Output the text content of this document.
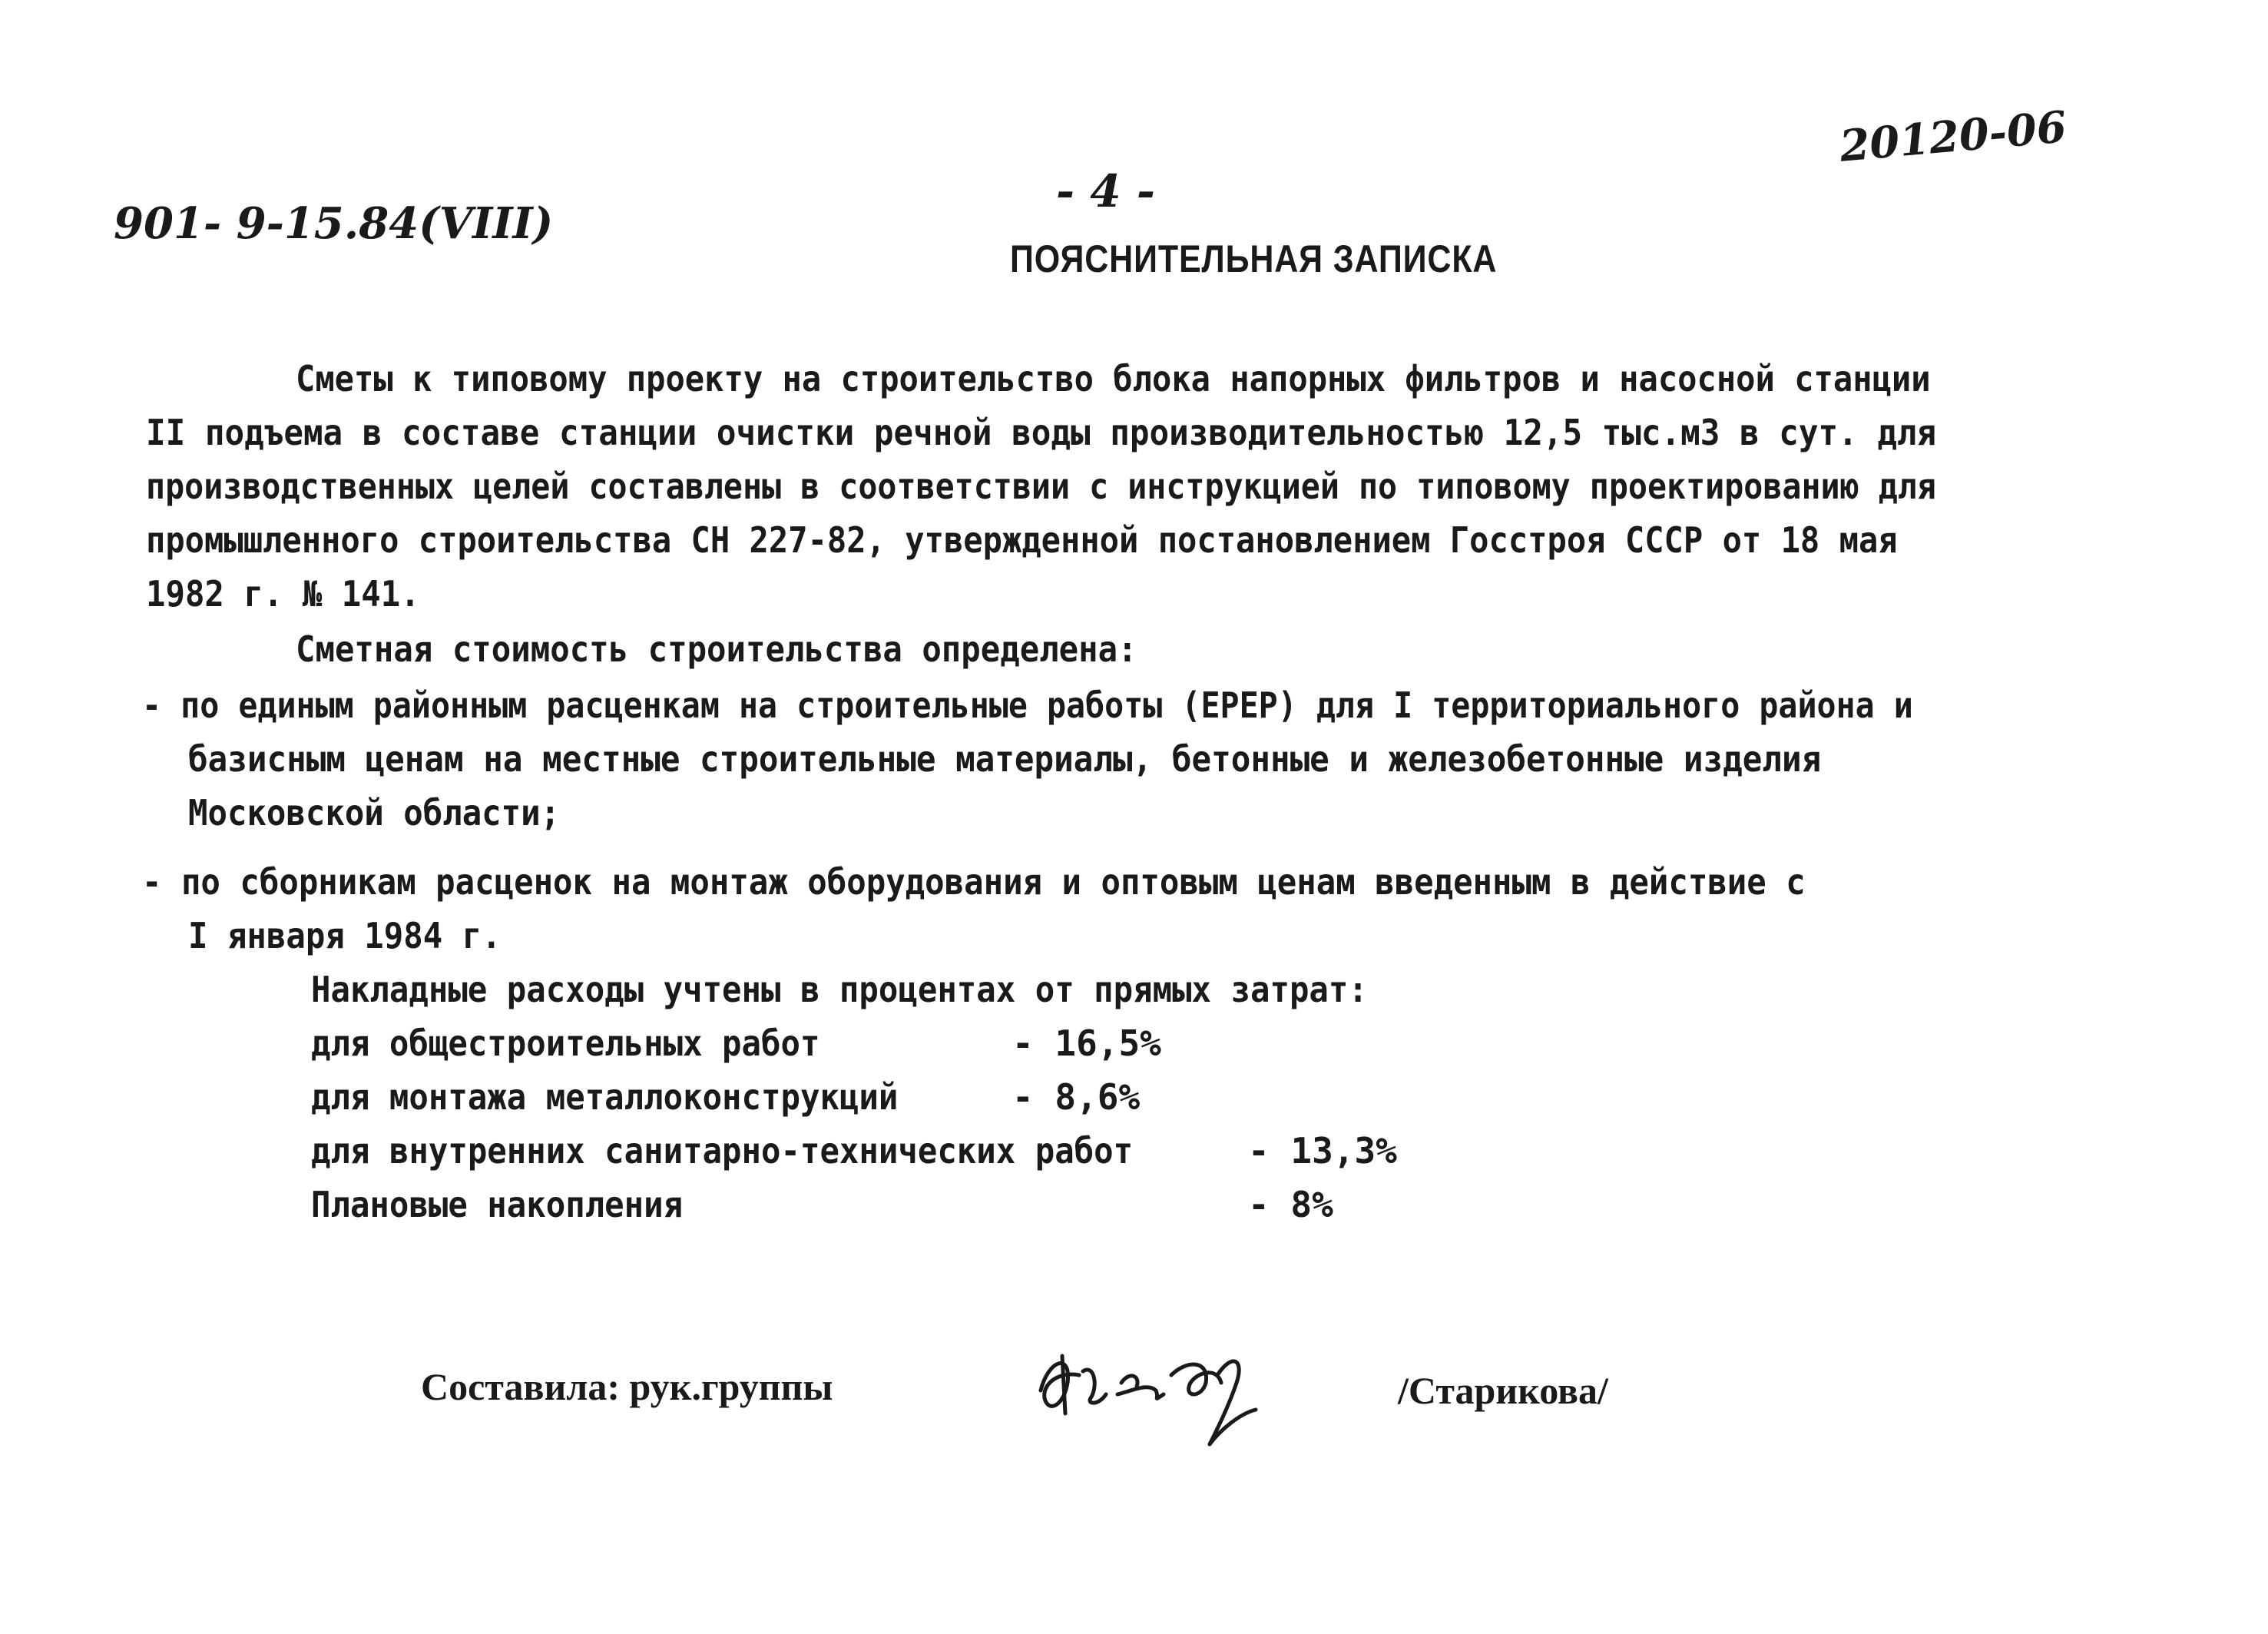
20120-06
901- 9-15.84(VIII)
- 4 -
ПОЯСНИТЕЛЬНАЯ ЗАПИСКА
Сметы к типовому проекту на строительство блока напорных фильтров и насосной станции
II подъема в составе станции очистки речной воды производительностью 12,5 тыс.м3 в сут. для
производственных целей составлены в соответствии с инструкцией по типовому проектированию для
промышленного строительства СН 227-82, утвержденной постановлением Госстроя СССР от 18 мая
1982 г. № 141.
Сметная стоимость строительства определена:
- по единым районным расценкам на строительные работы (ЕРЕР) для I территориального района и
базисным ценам на местные строительные материалы, бетонные и железобетонные изделия
Московской области;
- по сборникам расценок на монтаж оборудования и оптовым ценам введенным в действие с
I января 1984 г.
Накладные расходы учтены в процентах от прямых затрат:
для общестроительных работ	- 16,5%
для монтажа металлоконструкций	- 8,6%
для внутренних санитарно-технических работ	- 13,3%
Плановые накопления	- 8%
Составила: рук.группы	/Старикова/
